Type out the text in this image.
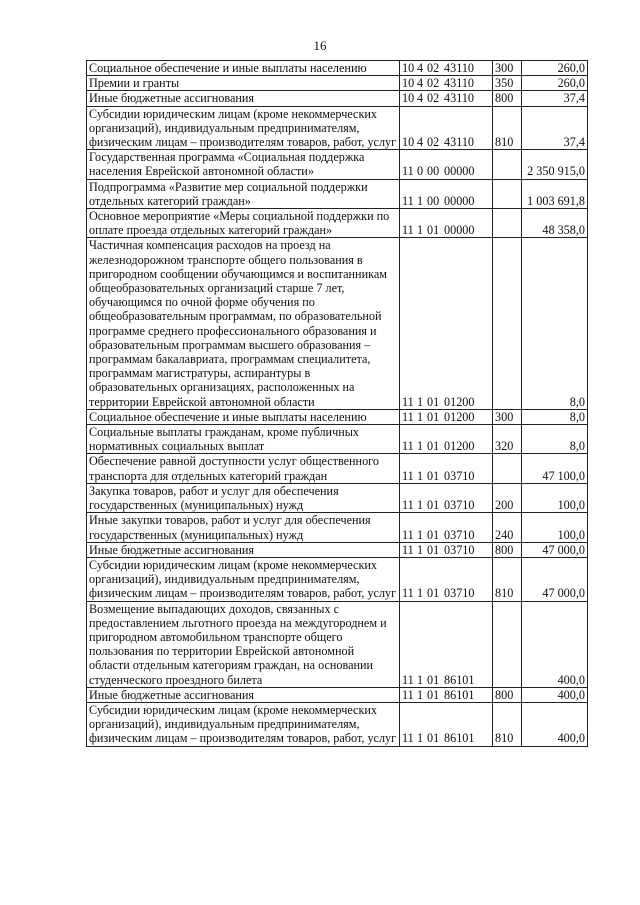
16
Социальное обеспечение и иные выплаты населению	10 4 02 43110	300	260,0
Премии и гранты	10 4 02 43110	350	260,0
Иные бюджетные ассигнования	10 4 02 43110	800	37,4
Субсидии юридическим лицам (кроме некоммерческих организаций), индивидуальным предпринимателям, физическим лицам – производителям товаров, работ, услуг	10 4 02 43110	810	37,4
Государственная программа «Социальная поддержка населения Еврейской автономной области»	11 0 00 00000		2 350 915,0
Подпрограмма «Развитие мер социальной поддержки отдельных категорий граждан»	11 1 00 00000		1 003 691,8
Основное мероприятие «Меры социальной поддержки по оплате проезда отдельных категорий граждан»	11 1 01 00000		48 358,0
Частичная компенсация расходов на проезд на железнодорожном транспорте общего пользования в пригородном сообщении обучающимся и воспитанникам общеобразовательных организаций старше 7 лет, обучающимся по очной форме обучения по общеобразовательным программам, по образовательной программе среднего профессионального образования и образовательным программам высшего образования – программам бакалавриата, программам специалитета, программам магистратуры, аспирантуры в образовательных организациях, расположенных на территории Еврейской автономной области	11 1 01 01200		8,0
Социальное обеспечение и иные выплаты населению	11 1 01 01200	300	8,0
Социальные выплаты гражданам, кроме публичных нормативных социальных выплат	11 1 01 01200	320	8,0
Обеспечение равной доступности услуг общественного транспорта для отдельных категорий граждан	11 1 01 03710		47 100,0
Закупка товаров, работ и услуг для обеспечения государственных (муниципальных) нужд	11 1 01 03710	200	100,0
Иные закупки товаров, работ и услуг для обеспечения государственных (муниципальных) нужд	11 1 01 03710	240	100,0
Иные бюджетные ассигнования	11 1 01 03710	800	47 000,0
Субсидии юридическим лицам (кроме некоммерческих организаций), индивидуальным предпринимателям, физическим лицам – производителям товаров, работ, услуг	11 1 01 03710	810	47 000,0
Возмещение выпадающих доходов, связанных с предоставлением льготного проезда на междугороднем и пригородном автомобильном транспорте общего пользования по территории Еврейской автономной области отдельным категориям граждан, на основании студенческого проездного билета	11 1 01 86101		400,0
Иные бюджетные ассигнования	11 1 01 86101	800	400,0
Субсидии юридическим лицам (кроме некоммерческих организаций), индивидуальным предпринимателям, физическим лицам – производителям товаров, работ, услуг	11 1 01 86101	810	400,0
